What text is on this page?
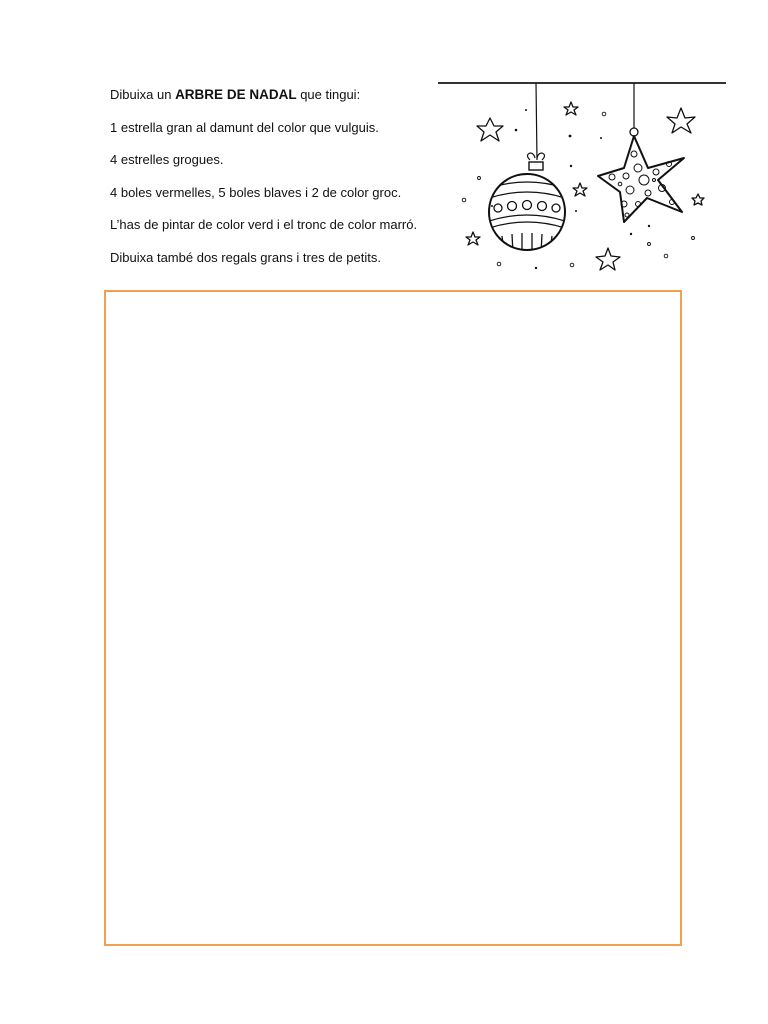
Dibuixa un ARBRE DE NADAL que tingui:

1 estrella gran al damunt del color que vulguis.

4 estrelles grogues.

4 boles vermelles, 5 boles blaves i 2 de color groc.

L’has de pintar de color verd i el tronc de color marró.

Dibuixa també dos regals grans i tres de petits.
